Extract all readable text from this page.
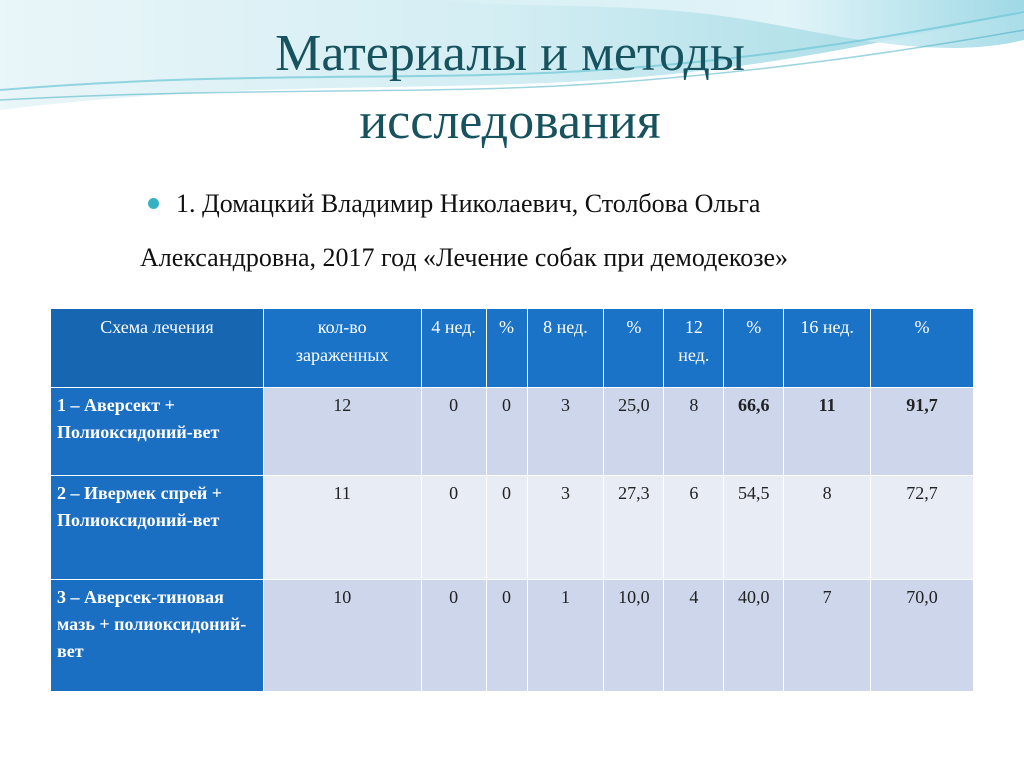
Материалы и методы
исследования
1. Домацкий Владимир Николаевич, Столбова Ольга
Александровна, 2017 год «Лечение собак при демодекозе»
Схема лечения	кол-во зараженных	4 нед.	%	8 нед.	%	12 нед.	%	16 нед.	%
1 – Аверсект + Полиоксидоний-вет	12	0	0	3	25,0	8	66,6	11	91,7
2 – Ивермек спрей + Полиоксидоний-вет	11	0	0	3	27,3	6	54,5	8	72,7
3 – Аверсек-тиновая мазь + полиоксидоний-вет	10	0	0	1	10,0	4	40,0	7	70,0
